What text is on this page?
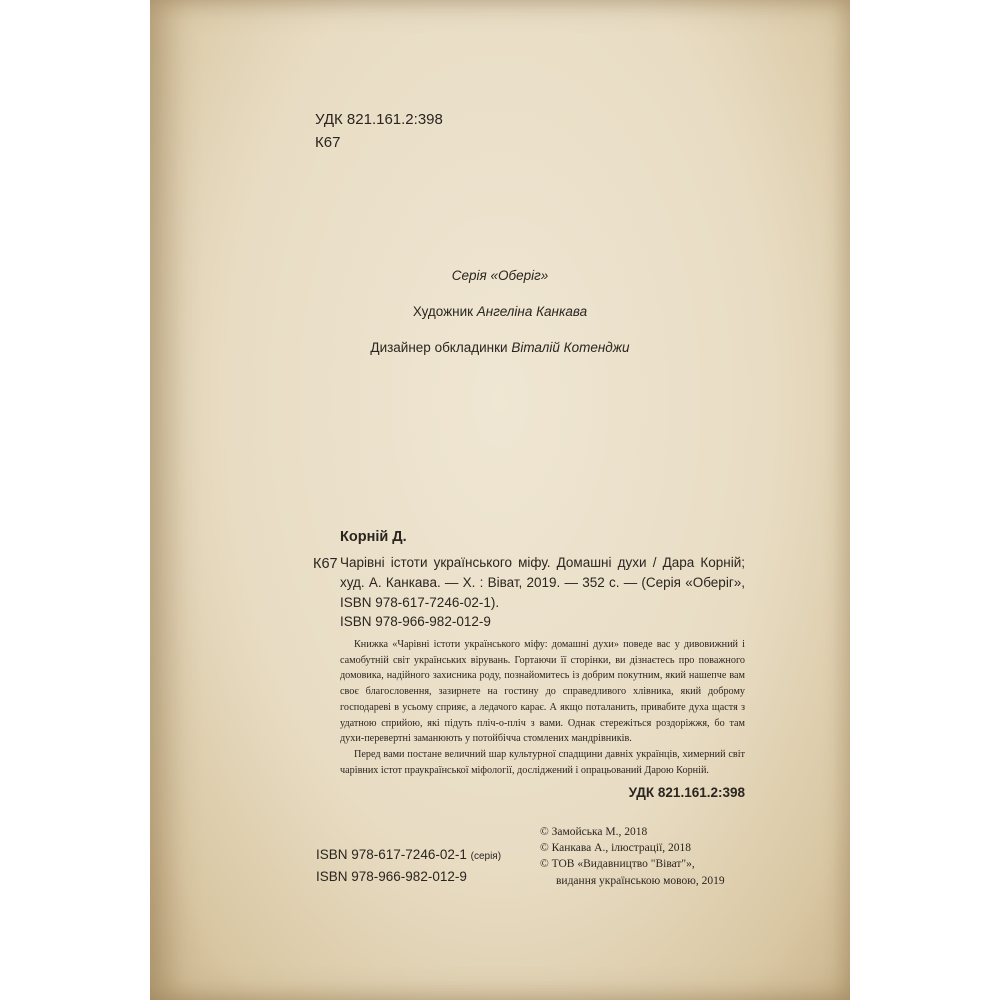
УДК 821.161.2:398
К67
Серія «Оберіг»
Художник Ангеліна Канкава
Дизайнер обкладинки Віталій Котенджи
Корній Д.
К67 Чарівні істоти українського міфу. Домашні духи / Дара Корній; худ. А. Канкава. — Х. : Віват, 2019. — 352 с. — (Серія «Оберіг», ISBN 978-617-7246-02-1).

ISBN 978-966-982-012-9

Книжка «Чарівні істоти українського міфу: домашні духи» поведе вас у дивовижний і самобутній світ українських вірувань. Гортаючи її сторінки, ви дізнаєтесь про поважного домовика, надійного захисника роду, познайомитесь із добрим покутним, який нашепче вам своє благословення, зазирнете на гостину до справедливого хлівника, який доброму господареві в усьому сприяє, а ледачого карає. А якщо поталанить, привабите духа щастя з удатною сприйою, які підуть пліч-о-пліч з вами. Однак стережіться роздоріжжя, бо там духи-перевертні заманюють у потойбічча стомлених мандрівників.

Перед вами постане величний шар культурної спадщини давніх українців, химерний світ чарівних істот праукраїнської міфології, досліджений і опрацьований Дарою Корній.

УДК 821.161.2:398
© Замойська М., 2018
© Канкава А., ілюстрації, 2018
© ТОВ «Видавництво "Віват"»,
видання українською мовою, 2019
ISBN 978-617-7246-02-1 (серія)
ISBN 978-966-982-012-9
